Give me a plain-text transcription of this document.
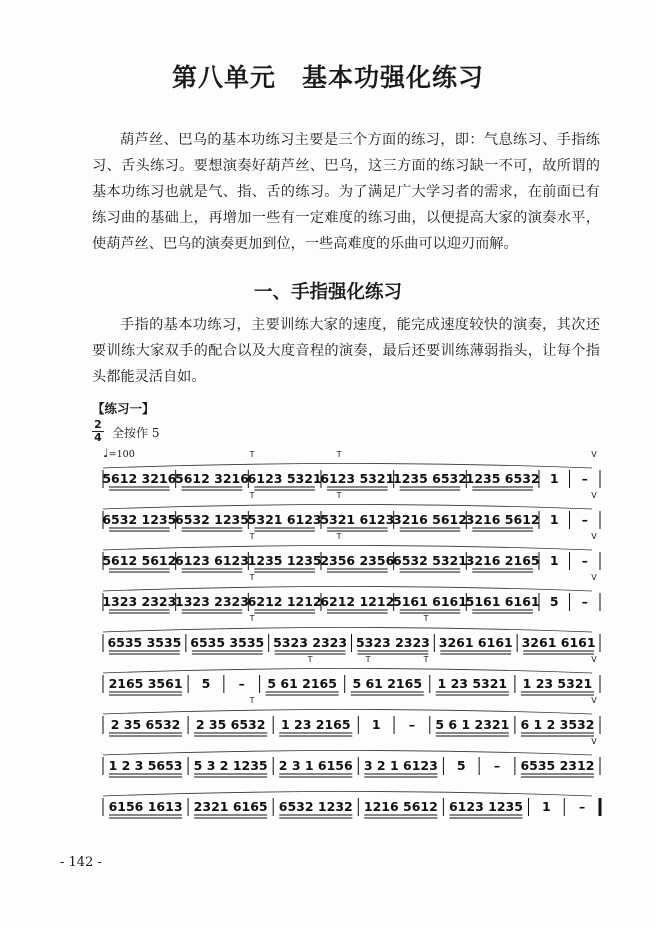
第八单元　基本功强化练习

葫芦丝、巴乌的基本功练习主要是三个方面的练习，即：气息练习、手指练习、舌头练习。要想演奏好葫芦丝、巴乌，这三方面的练习缺一不可，故所谓的基本功练习也就是气、指、舌的练习。为了满足广大学习者的需求，在前面已有练习曲的基础上，再增加一些有一定难度的练习曲，以便提高大家的演奏水平，使葫芦丝、巴乌的演奏更加到位，一些高难度的乐曲可以迎刃而解。

一、手指强化练习

手指的基本功练习，主要训练大家的速度，能完成速度较快的演奏，其次还要训练大家双手的配合以及大度音程的演奏，最后还要训练薄弱指头，让每个指头都能灵活自如。

【练习一】
2
4 全按作 5
♩=100
5612 3216
5612 3216
6123 5321
6123 5321
1235 6532
1235 6532 1 –
T	T	V
6532 1235
6532 1235
5321 6123
5321 6123
3216 5612
3216 5612 1 –
T	T	V
5612 5612
6123 6123
1235 1235
2356 2356
6532 5321
3216 2165 1 –
T	T	V
1323 2323
1323 2323
6212 1212
6212 1212
5161 6161
5161 6161 5 –
T	V
6535 3535 6535 3535 5323 2323 5323 2323 3261 6161 3261 6161
T	T
2165 3561 5 – 5 61 2165 5 61 2165 1 23 5321 1 23 5321
V
T	T	T
2 35 6532 2 35 6532 1 23 2165 1 – 5 6 1 2321 6 1 2 3532
T	V
1 2 3 5653 5 3 2 1235 2 3 1 6156 3 2 1 6123 5 – 6535 2312
V
6156 1613 2321 6165 6532 1232 1216 5612 6123 1235 1 –
- 142 -
